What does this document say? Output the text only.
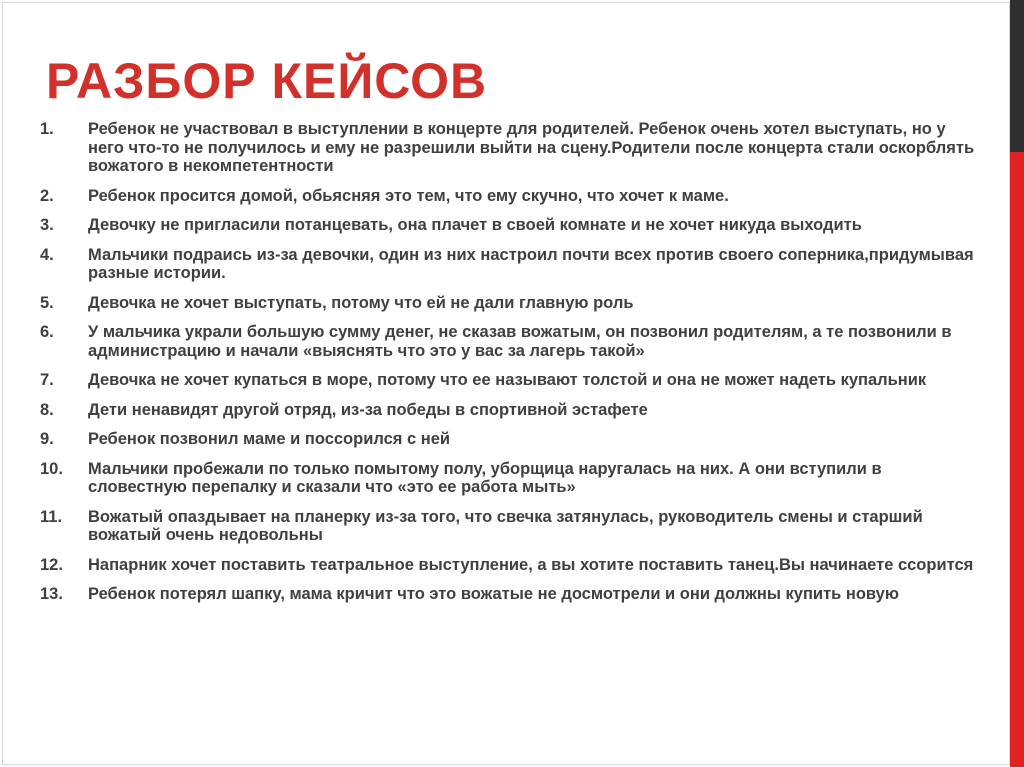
РАЗБОР КЕЙСОВ
1.	Ребенок не участвовал в выступлении в концерте для родителей. Ребенок очень хотел выступать, но у него что-то не получилось и ему не разрешили выйти на сцену.Родители после концерта стали оскорблять вожатого в некомпетентности
2.	Ребенок просится домой, обьясняя это тем, что ему скучно, что хочет к маме.
3.	Девочку не пригласили потанцевать, она плачет в своей комнате и не хочет никуда выходить
4.	Мальчики подраись из-за девочки, один из них настроил почти всех против своего соперника,придумывая разные истории.
5.	Девочка не хочет выступать, потому что ей не дали главную роль
6.	У мальчика украли большую сумму денег, не сказав вожатым, он позвонил родителям, а те позвонили в администрацию и начали «выяснять что это у вас за лагерь такой»
7.	Девочка не хочет купаться в море, потому что ее называют толстой и она не может надеть купальник
8.	Дети ненавидят другой отряд, из-за победы в спортивной эстафете
9.	Ребенок позвонил маме и поссорился с ней
10.	Мальчики пробежали по только помытому полу, уборщица наругалась на них. А они вступили в словестную перепалку и сказали что «это ее работа мыть»
11.	Вожатый опаздывает на планерку из-за того, что свечка затянулась, руководитель смены и старший вожатый очень недовольны
12.	Напарник хочет поставить театральное выступление, а вы хотите поставить танец.Вы начинаете ссорится
13.	Ребенок потерял шапку, мама кричит что это вожатые не досмотрели и они должны купить новую
